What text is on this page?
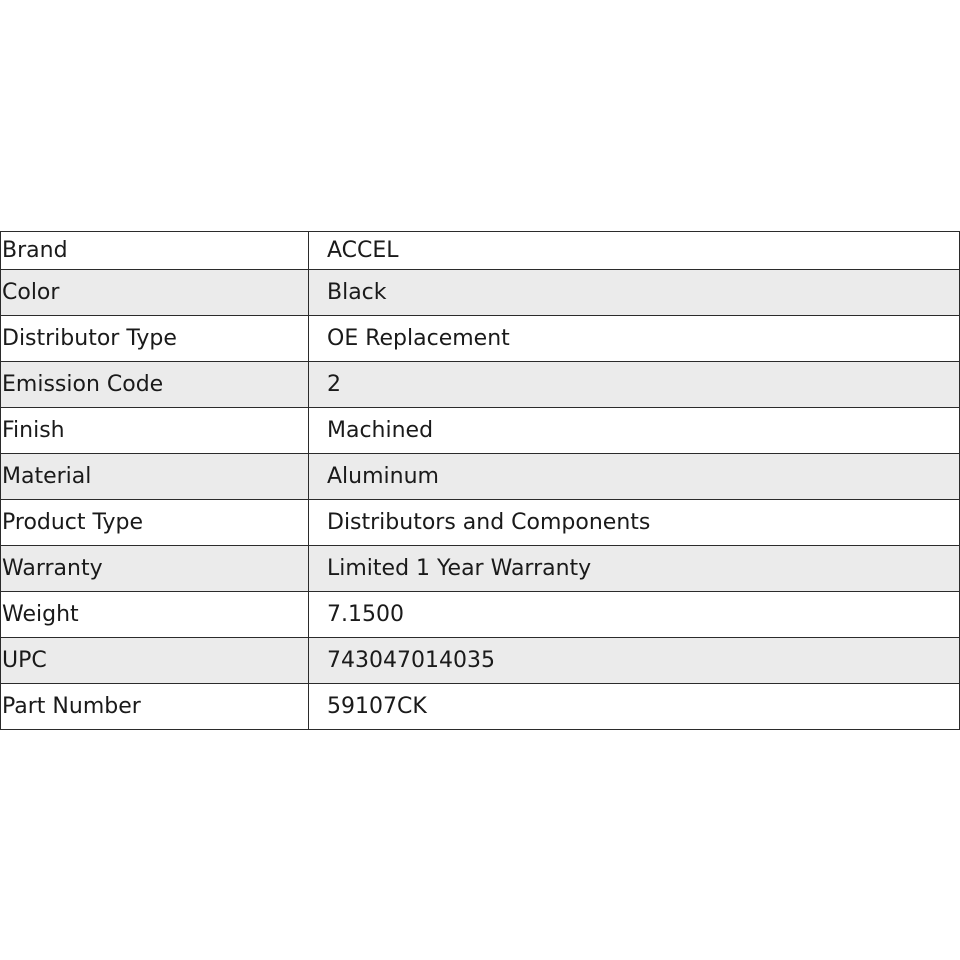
Brand	ACCEL
Color	Black
Distributor Type	OE Replacement
Emission Code	2
Finish	Machined
Material	Aluminum
Product Type	Distributors and Components
Warranty	Limited 1 Year Warranty
Weight	7.1500
UPC	743047014035
Part Number	59107CK
